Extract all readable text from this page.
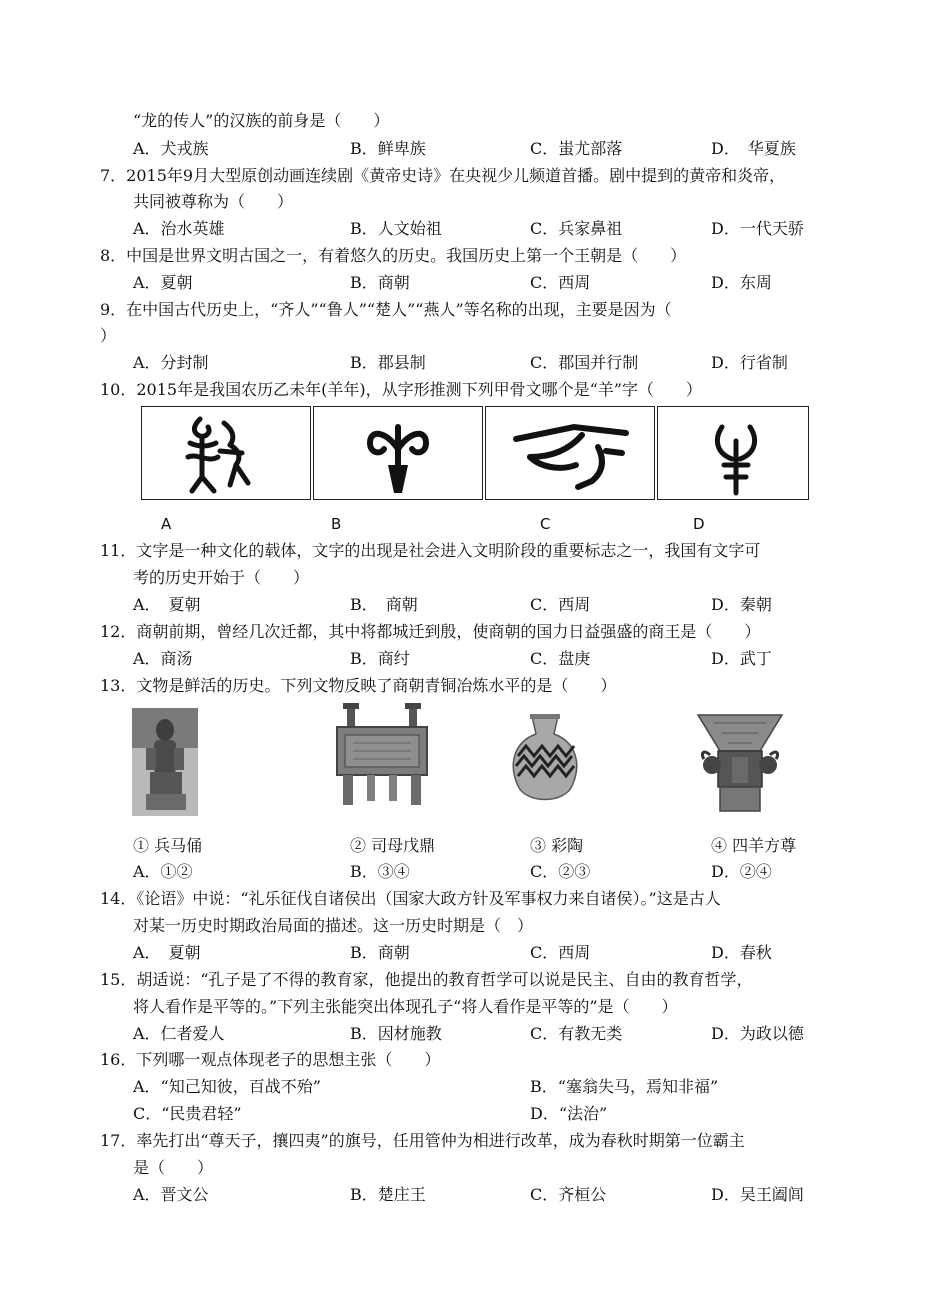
“龙的传人”的汉族的前身是（　　）
A．犬戎族	B．鲜卑族	C．蚩尤部落	D．　华夏族
7．2015年9月大型原创动画连续剧《黄帝史诗》在央视少儿频道首播。剧中提到的黄帝和炎帝，
共同被尊称为（　　）
A．治水英雄	B．人文始祖	C．兵家鼻祖	D．一代天骄
8．中国是世界文明古国之一，有着悠久的历史。我国历史上第一个王朝是（　　）
A．夏朝	B．商朝	C．西周	D．东周
9．在中国古代历史上，“齐人”“鲁人”“楚人”“燕人”等名称的出现，主要是因为（
）
A．分封制	B．郡县制	C．郡国并行制	D．行省制
10．2015年是我国农历乙未年(羊年)，从字形推测下列甲骨文哪个是“羊”字（　　）
A	B	C	D
11．文字是一种文化的载体，文字的出现是社会进入文明阶段的重要标志之一，我国有文字可
考的历史开始于（　　）
A．　夏朝	B．　商朝	C．西周	D．秦朝
12．商朝前期，曾经几次迁都，其中将都城迁到殷，使商朝的国力日益强盛的商王是（　　）
A．商汤	B．商纣	C．盘庚	D．武丁
13．文物是鲜活的历史。下列文物反映了商朝青铜冶炼水平的是（　　）
① 兵马俑	② 司母戊鼎	③ 彩陶	④ 四羊方尊
A．①②	B．③④	C．②③	D．②④
14．《论语》中说：“礼乐征伐自诸侯出（国家大政方针及军事权力来自诸侯）。”这是古人
对某一历史时期政治局面的描述。这一历史时期是（　）
A．　夏朝	B．商朝	C．西周	D．春秋
15．胡适说：“孔子是了不得的教育家，他提出的教育哲学可以说是民主、自由的教育哲学，
将人看作是平等的。”下列主张能突出体现孔子“将人看作是平等的”是（　　）
A．仁者爱人	B．因材施教	C．有教无类	D．为政以德
16．下列哪一观点体现老子的思想主张（　　）
A．“知己知彼，百战不殆”	B．“塞翁失马，焉知非福”
C．“民贵君轻”	D．“法治”
17．率先打出“尊天子，攘四夷”的旗号，任用管仲为相进行改革，成为春秋时期第一位霸主
是（　　）
A．晋文公	B．楚庄王	C．齐桓公	D．吴王阖闾
